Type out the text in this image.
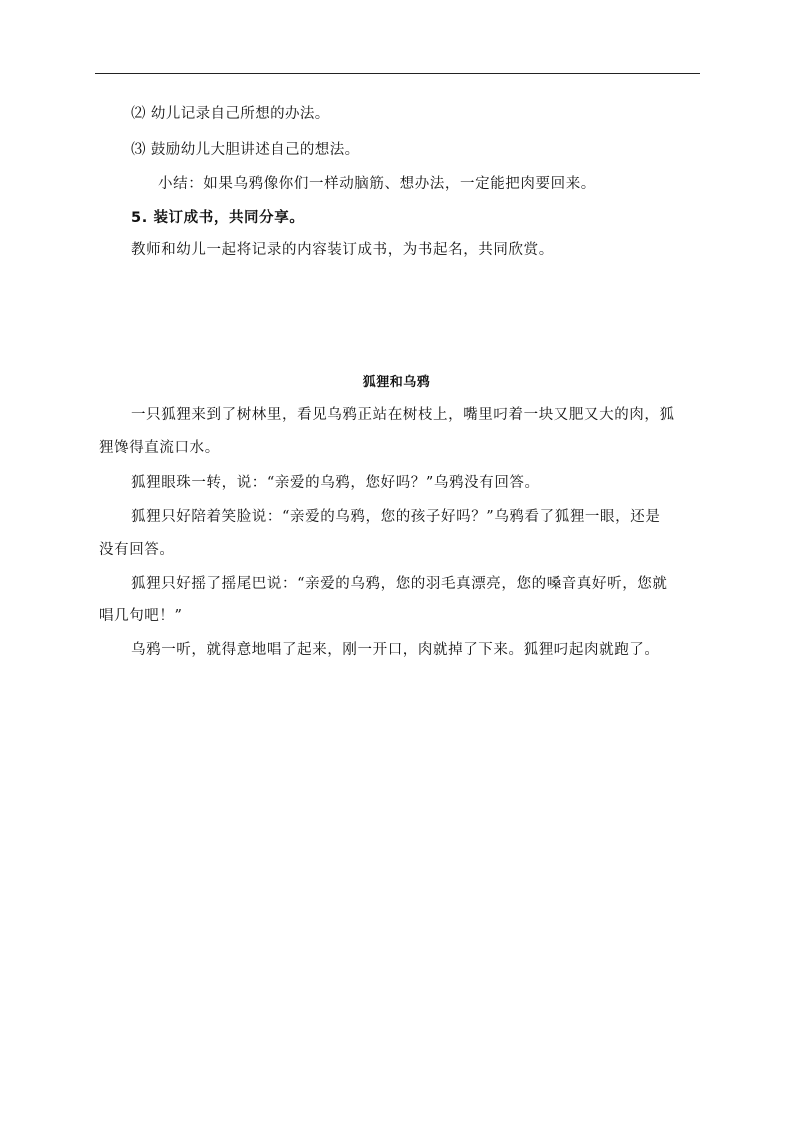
⑵ 幼儿记录自己所想的办法。
⑶ 鼓励幼儿大胆讲述自己的想法。
小结：如果乌鸦像你们一样动脑筋、想办法，一定能把肉要回来。
5. 装订成书，共同分享。
教师和幼儿一起将记录的内容装订成书，为书起名，共同欣赏。
狐狸和乌鸦
一只狐狸来到了树林里，看见乌鸦正站在树枝上，嘴里叼着一块又肥又大的肉，狐
狸馋得直流口水。
狐狸眼珠一转，说：“亲爱的乌鸦，您好吗？”乌鸦没有回答。
狐狸只好陪着笑脸说：“亲爱的乌鸦，您的孩子好吗？”乌鸦看了狐狸一眼，还是
没有回答。
狐狸只好摇了摇尾巴说：“亲爱的乌鸦，您的羽毛真漂亮，您的嗓音真好听，您就
唱几句吧！”
乌鸦一听，就得意地唱了起来，刚一开口，肉就掉了下来。狐狸叼起肉就跑了。
